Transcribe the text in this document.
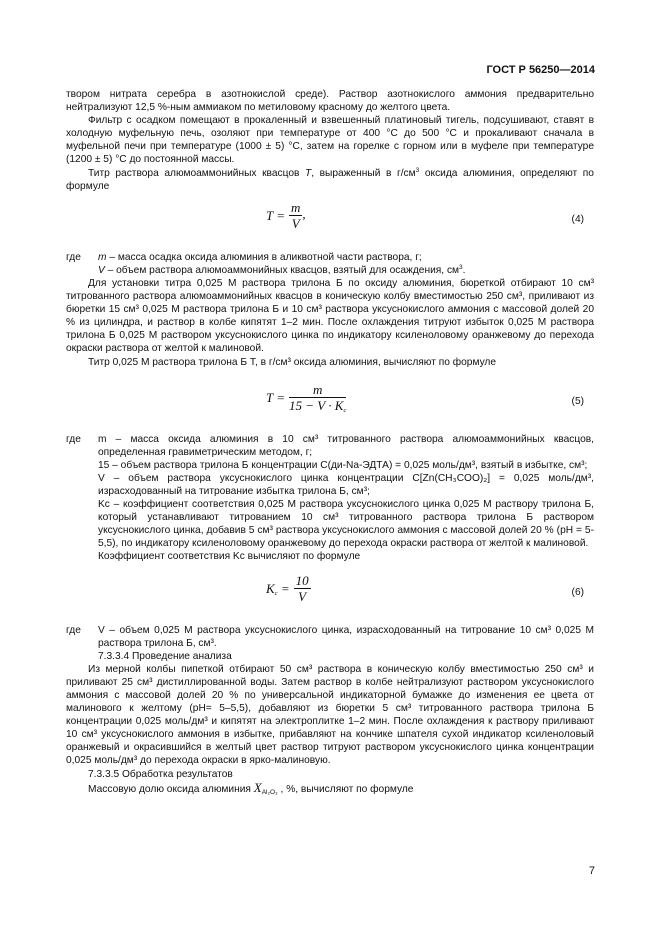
ГОСТ Р 56250—2014

твором нитрата серебра в азотнокислой среде). Раствор азотнокислого аммония предварительно нейтрализуют 12,5 %-ным аммиаком по метиловому красному до желтого цвета.

Фильтр с осадком помещают в прокаленный и взвешенный платиновый тигель, подсушивают, ставят в холодную муфельную печь, озоляют при температуре от 400 °С до 500 °С и прокаливают сначала в муфельной печи при температуре (1000 ± 5) °С, затем на горелке с горном или в муфеле при температуре (1200 ± 5) °С до постоянной массы.

Титр раствора алюмоаммонийных квасцов T, выраженный в $г/см^3$ оксида алюминия, определяют по формуле

$T = \frac{m}{V}$ ,	(4)
где	m – масса осадка оксида алюминия в аликвотной части раствора, г;

V – объем раствора алюмоаммонийных квасцов, взятый для осаждения, $см^3$.

Для установки титра 0,025 М раствора трилона Б по оксиду алюминия, бюреткой отбирают 10 см³ титрованного раствора алюмоаммонийных квасцов в коническую колбу вместимостью 250 см³, приливают из бюретки 15 см³ 0,025 М раствора трилона Б и 10 см³ раствора уксуснокислого аммония с массовой долей 20 % из цилиндра, и раствор в колбе кипятят 1–2 мин. После охлаждения титруют избыток 0,025 М раствора трилона Б 0,025 М раствором уксуснокислого цинка по индикатору ксиленоловому оранжевому до перехода окраски раствора от желтой к малиновой.

Титр 0,025 М раствора трилона Б T, в г/см³ оксида алюминия, вычисляют по формуле

$T = \frac{m}{15 - V \cdot K_c}$	(5)
где	m – масса оксида алюминия в 10 см³ титрованного раствора алюмоаммонийных квасцов, определенная гравиметрическим методом, г;

15 – объем раствора трилона Б концентрации C(ди-Na-ЭДТА) = 0,025 моль/дм³, взятый в избытке, см³;

V – объем раствора уксуснокислого цинка концентрации C[Zn(CH₃COO)₂] = 0,025 моль/дм³, израсходованный на титрование избытка трилона Б, см³;

Kс – коэффициент соответствия 0,025 М раствора уксуснокислого цинка 0,025 М раствору трилона Б, который устанавливают титрованием 10 см³ титрованного раствора трилона Б раствором уксуснокислого цинка, добавив 5 см³ раствора уксуснокислого аммония с массовой долей 20 % (рН = 5-5,5), по индикатору ксиленоловому оранжевому до перехода окраски раствора от желтой к малиновой.

Коэффициент соответствия Kс вычисляют по формуле

$K_c = \frac{10}{V}$	(6)
где	V – объем 0,025 М раствора уксуснокислого цинка, израсходованный на титрование 10 см³ 0,025 М раствора трилона Б, см³.

7.3.3.4 Проведение анализа

Из мерной колбы пипеткой отбирают 50 см³ раствора в коническую колбу вместимостью 250 см³ и приливают 25 см³ дистиллированной воды. Затем раствор в колбе нейтрализуют раствором уксуснокислого аммония с массовой долей 20 % по универсальной индикаторной бумажке до изменения ее цвета от малинового к желтому (рН= 5–5,5), добавляют из бюретки 5 см³ титрованного раствора трилона Б концентрации 0,025 моль/дм³ и кипятят на электроплитке 1–2 мин. После охлаждения к раствору приливают 10 см³ уксуснокислого аммония в избытке, прибавляют на кончике шпателя сухой индикатор ксиленоловый оранжевый и окрасившийся в желтый цвет раствор титруют раствором уксуснокислого цинка концентрации 0,025 моль/дм³ до перехода окраски в ярко-малиновую.

7.3.3.5 Обработка результатов

Массовую долю оксида алюминия $X_{Al_2O_3}$ , %, вычисляют по формуле

7
